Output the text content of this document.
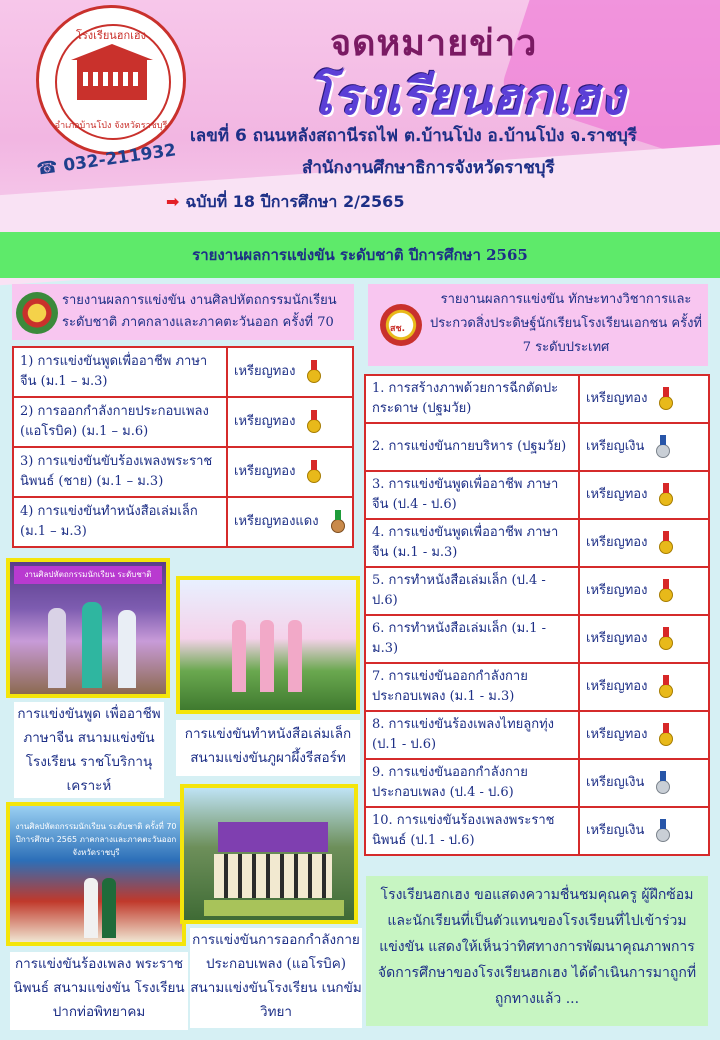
โรงเรียนฮกเฮง
อำเภอบ้านโป่ง จังหวัดราชบุรี
☎ 032-211932
จดหมายข่าว
โรงเรียนฮกเฮง
เลขที่ 6 ถนนหลังสถานีรถไฟ ต.บ้านโป่ง อ.บ้านโป่ง จ.ราชบุรี
สำนักงานศึกษาธิการจังหวัดราชบุรี
➡ ฉบับที่ 18 ปีการศึกษา 2/2565
รายงานผลการแข่งขัน ระดับชาติ ปีการศึกษา 2565
รายงานผลการแข่งขัน งานศิลปหัตถกรรมนักเรียน ระดับชาติ ภาคกลางและภาคตะวันออก ครั้งที่ 70
1) การแข่งขันพูดเพื่ออาชีพ ภาษาจีน (ม.1 – ม.3)	เหรียญทอง
2) การออกกำลังกายประกอบเพลง (แอโรบิค) (ม.1 – ม.6)	เหรียญทอง
3) การแข่งขันขับร้องเพลงพระราชนิพนธ์ (ชาย) (ม.1 – ม.3)	เหรียญทอง
4) การแข่งขันทำหนังสือเล่มเล็ก (ม.1 – ม.3)	เหรียญทองแดง
สช.
รายงานผลการแข่งขัน ทักษะทางวิชาการและประกวดสิ่งประดิษฐ์นักเรียนโรงเรียนเอกชน ครั้งที่ 7 ระดับประเทศ
1. การสร้างภาพด้วยการฉีกตัดปะกระดาษ (ปฐมวัย)	เหรียญทอง
2. การแข่งขันกายบริหาร (ปฐมวัย)	เหรียญเงิน
3. การแข่งขันพูดเพื่ออาชีพ ภาษาจีน (ป.4 - ป.6)	เหรียญทอง
4. การแข่งขันพูดเพื่ออาชีพ ภาษาจีน (ม.1 - ม.3)	เหรียญทอง
5. การทำหนังสือเล่มเล็ก (ป.4 - ป.6)	เหรียญทอง
6. การทำหนังสือเล่มเล็ก (ม.1 - ม.3)	เหรียญทอง
7. การแข่งขันออกกำลังกายประกอบเพลง (ม.1 - ม.3)	เหรียญทอง
8. การแข่งขันร้องเพลงไทยลูกทุ่ง (ป.1 - ป.6)	เหรียญทอง
9. การแข่งขันออกกำลังกายประกอบเพลง (ป.4 - ป.6)	เหรียญเงิน
10. การแข่งขันร้องเพลงพระราชนิพนธ์ (ป.1 - ป.6)	เหรียญเงิน
งานศิลปหัตถกรรมนักเรียน ระดับชาติ
งานศิลปหัตถกรรมนักเรียน ระดับชาติ ครั้งที่ 70 ปีการศึกษา 2565 ภาคกลางและภาคตะวันออก จังหวัดราชบุรี
การแข่งขันพูด เพื่ออาชีพ ภาษาจีน สนามแข่งขันโรงเรียน ราชโบริกานุเคราะห์
การแข่งขันทำหนังสือเล่มเล็ก สนามแข่งขันภูผาผึ้งรีสอร์ท
การแข่งขันร้องเพลง พระราชนิพนธ์ สนามแข่งขัน โรงเรียนปากท่อพิทยาคม
การแข่งขันการออกกำลังกาย ประกอบเพลง (แอโรบิค) สนามแข่งขันโรงเรียน เนกขัมวิทยา
โรงเรียนฮกเฮง ขอแสดงความชื่นชมคุณครู ผู้ฝึกซ้อมและนักเรียนที่เป็นตัวแทนของโรงเรียนที่ไปเข้าร่วมแข่งขัน แสดงให้เห็นว่าทิศทางการพัฒนาคุณภาพการจัดการศึกษาของโรงเรียนฮกเฮง ได้ดำเนินการมาถูกที่ถูกทางแล้ว ...
